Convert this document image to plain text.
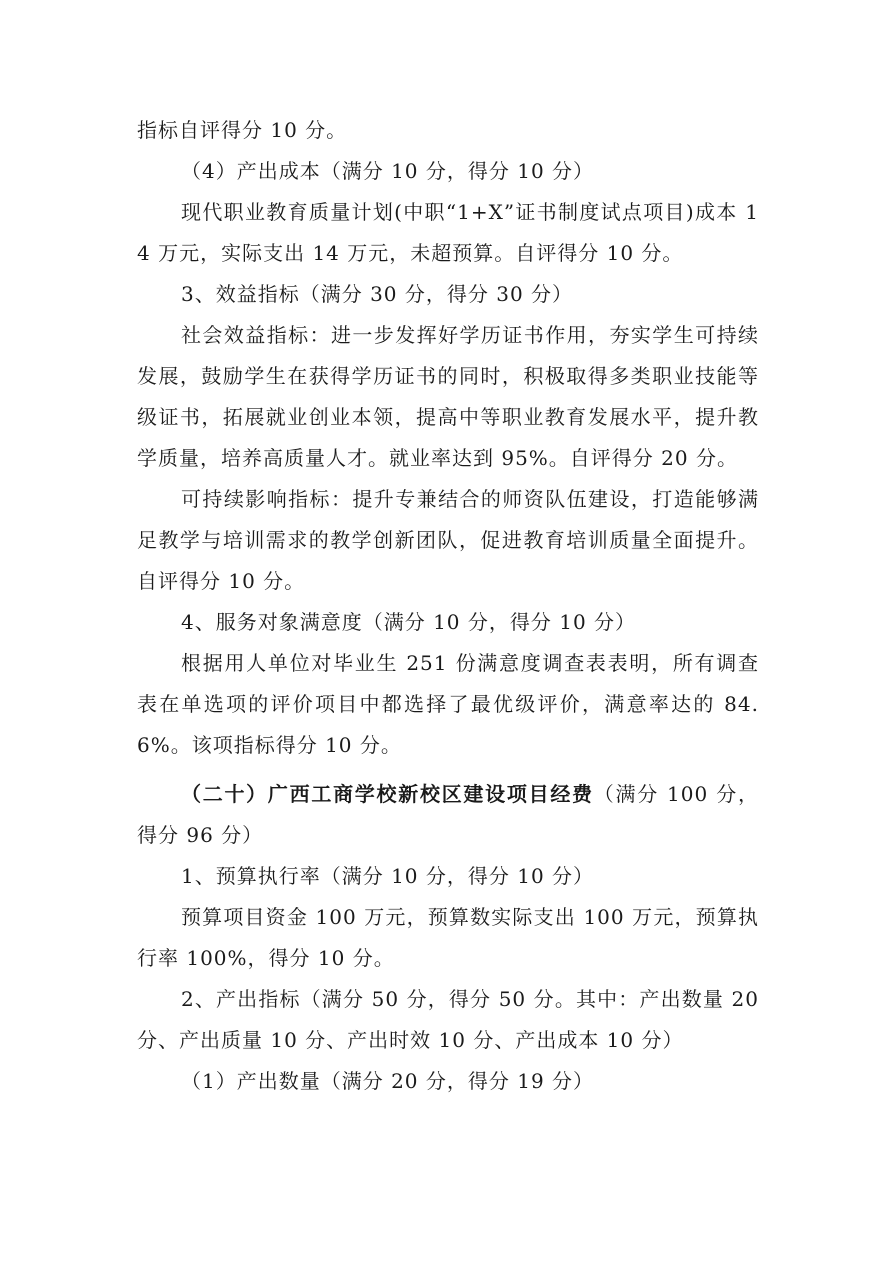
指标自评得分 10 分。

（4）产出成本（满分 10 分，得分 10 分）

现代职业教育质量计划(中职“1+X”证书制度试点项目)成本 14 万元，实际支出 14 万元，未超预算。自评得分 10 分。

3、效益指标（满分 30 分，得分 30 分）

社会效益指标：进一步发挥好学历证书作用，夯实学生可持续发展，鼓励学生在获得学历证书的同时，积极取得多类职业技能等级证书，拓展就业创业本领，提高中等职业教育发展水平，提升教学质量，培养高质量人才。就业率达到 95%。自评得分 20 分。

可持续影响指标：提升专兼结合的师资队伍建设，打造能够满足教学与培训需求的教学创新团队，促进教育培训质量全面提升。自评得分 10 分。

4、服务对象满意度（满分 10 分，得分 10 分）

根据用人单位对毕业生 251 份满意度调查表表明，所有调查表在单选项的评价项目中都选择了最优级评价，满意率达的 84.6%。该项指标得分 10 分。

（二十）广西工商学校新校区建设项目经费（满分 100 分，得分 96 分）

1、预算执行率（满分 10 分，得分 10 分）

预算项目资金 100 万元，预算数实际支出 100 万元，预算执行率 100%，得分 10 分。

2、产出指标（满分 50 分，得分 50 分。其中：产出数量 20 分、产出质量 10 分、产出时效 10 分、产出成本 10 分）

（1）产出数量（满分 20 分，得分 19 分）
